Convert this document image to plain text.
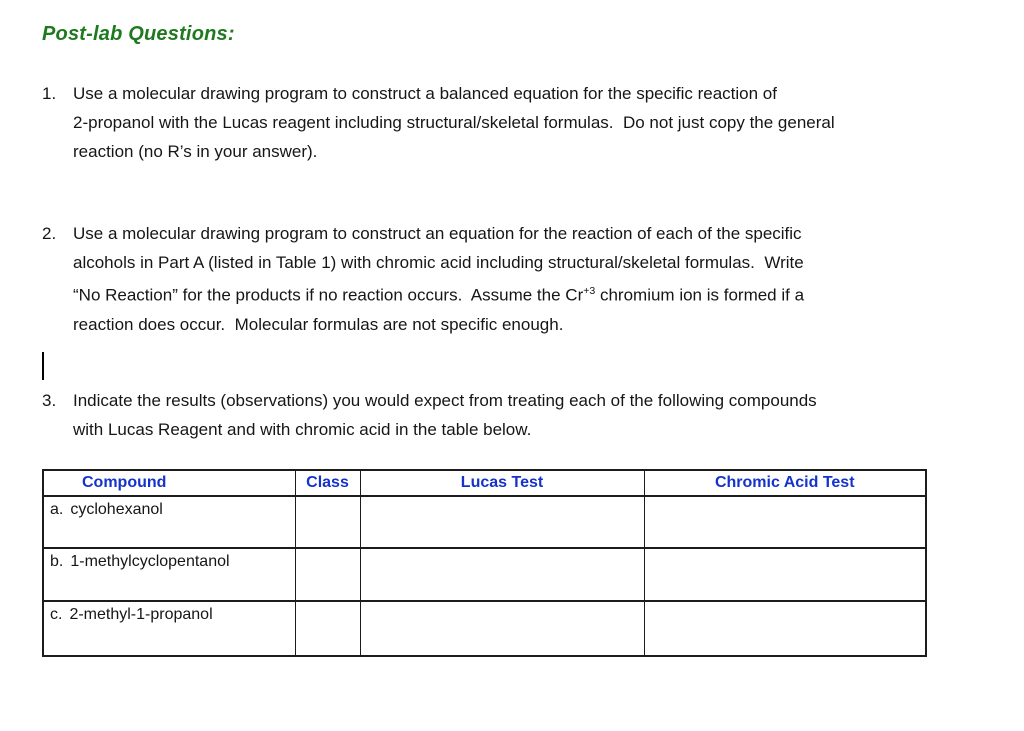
Post-lab Questions:
1. Use a molecular drawing program to construct a balanced equation for the specific reaction of
2-propanol with the Lucas reagent including structural/skeletal formulas.  Do not just copy the general
reaction (no R’s in your answer).
2. Use a molecular drawing program to construct an equation for the reaction of each of the specific
alcohols in Part A (listed in Table 1) with chromic acid including structural/skeletal formulas.  Write
“No Reaction” for the products if no reaction occurs.  Assume the $Cr^{+3}$ chromium ion is formed if a
reaction does occur.  Molecular formulas are not specific enough.
3. Indicate the results (observations) you would expect from treating each of the following compounds
with Lucas Reagent and with chromic acid in the table below.
Compound	Class	Lucas Test	Chromic Acid Test
a. cyclohexanol			
b. 1-methylcyclopentanol			
c. 2-methyl-1-propanol			
